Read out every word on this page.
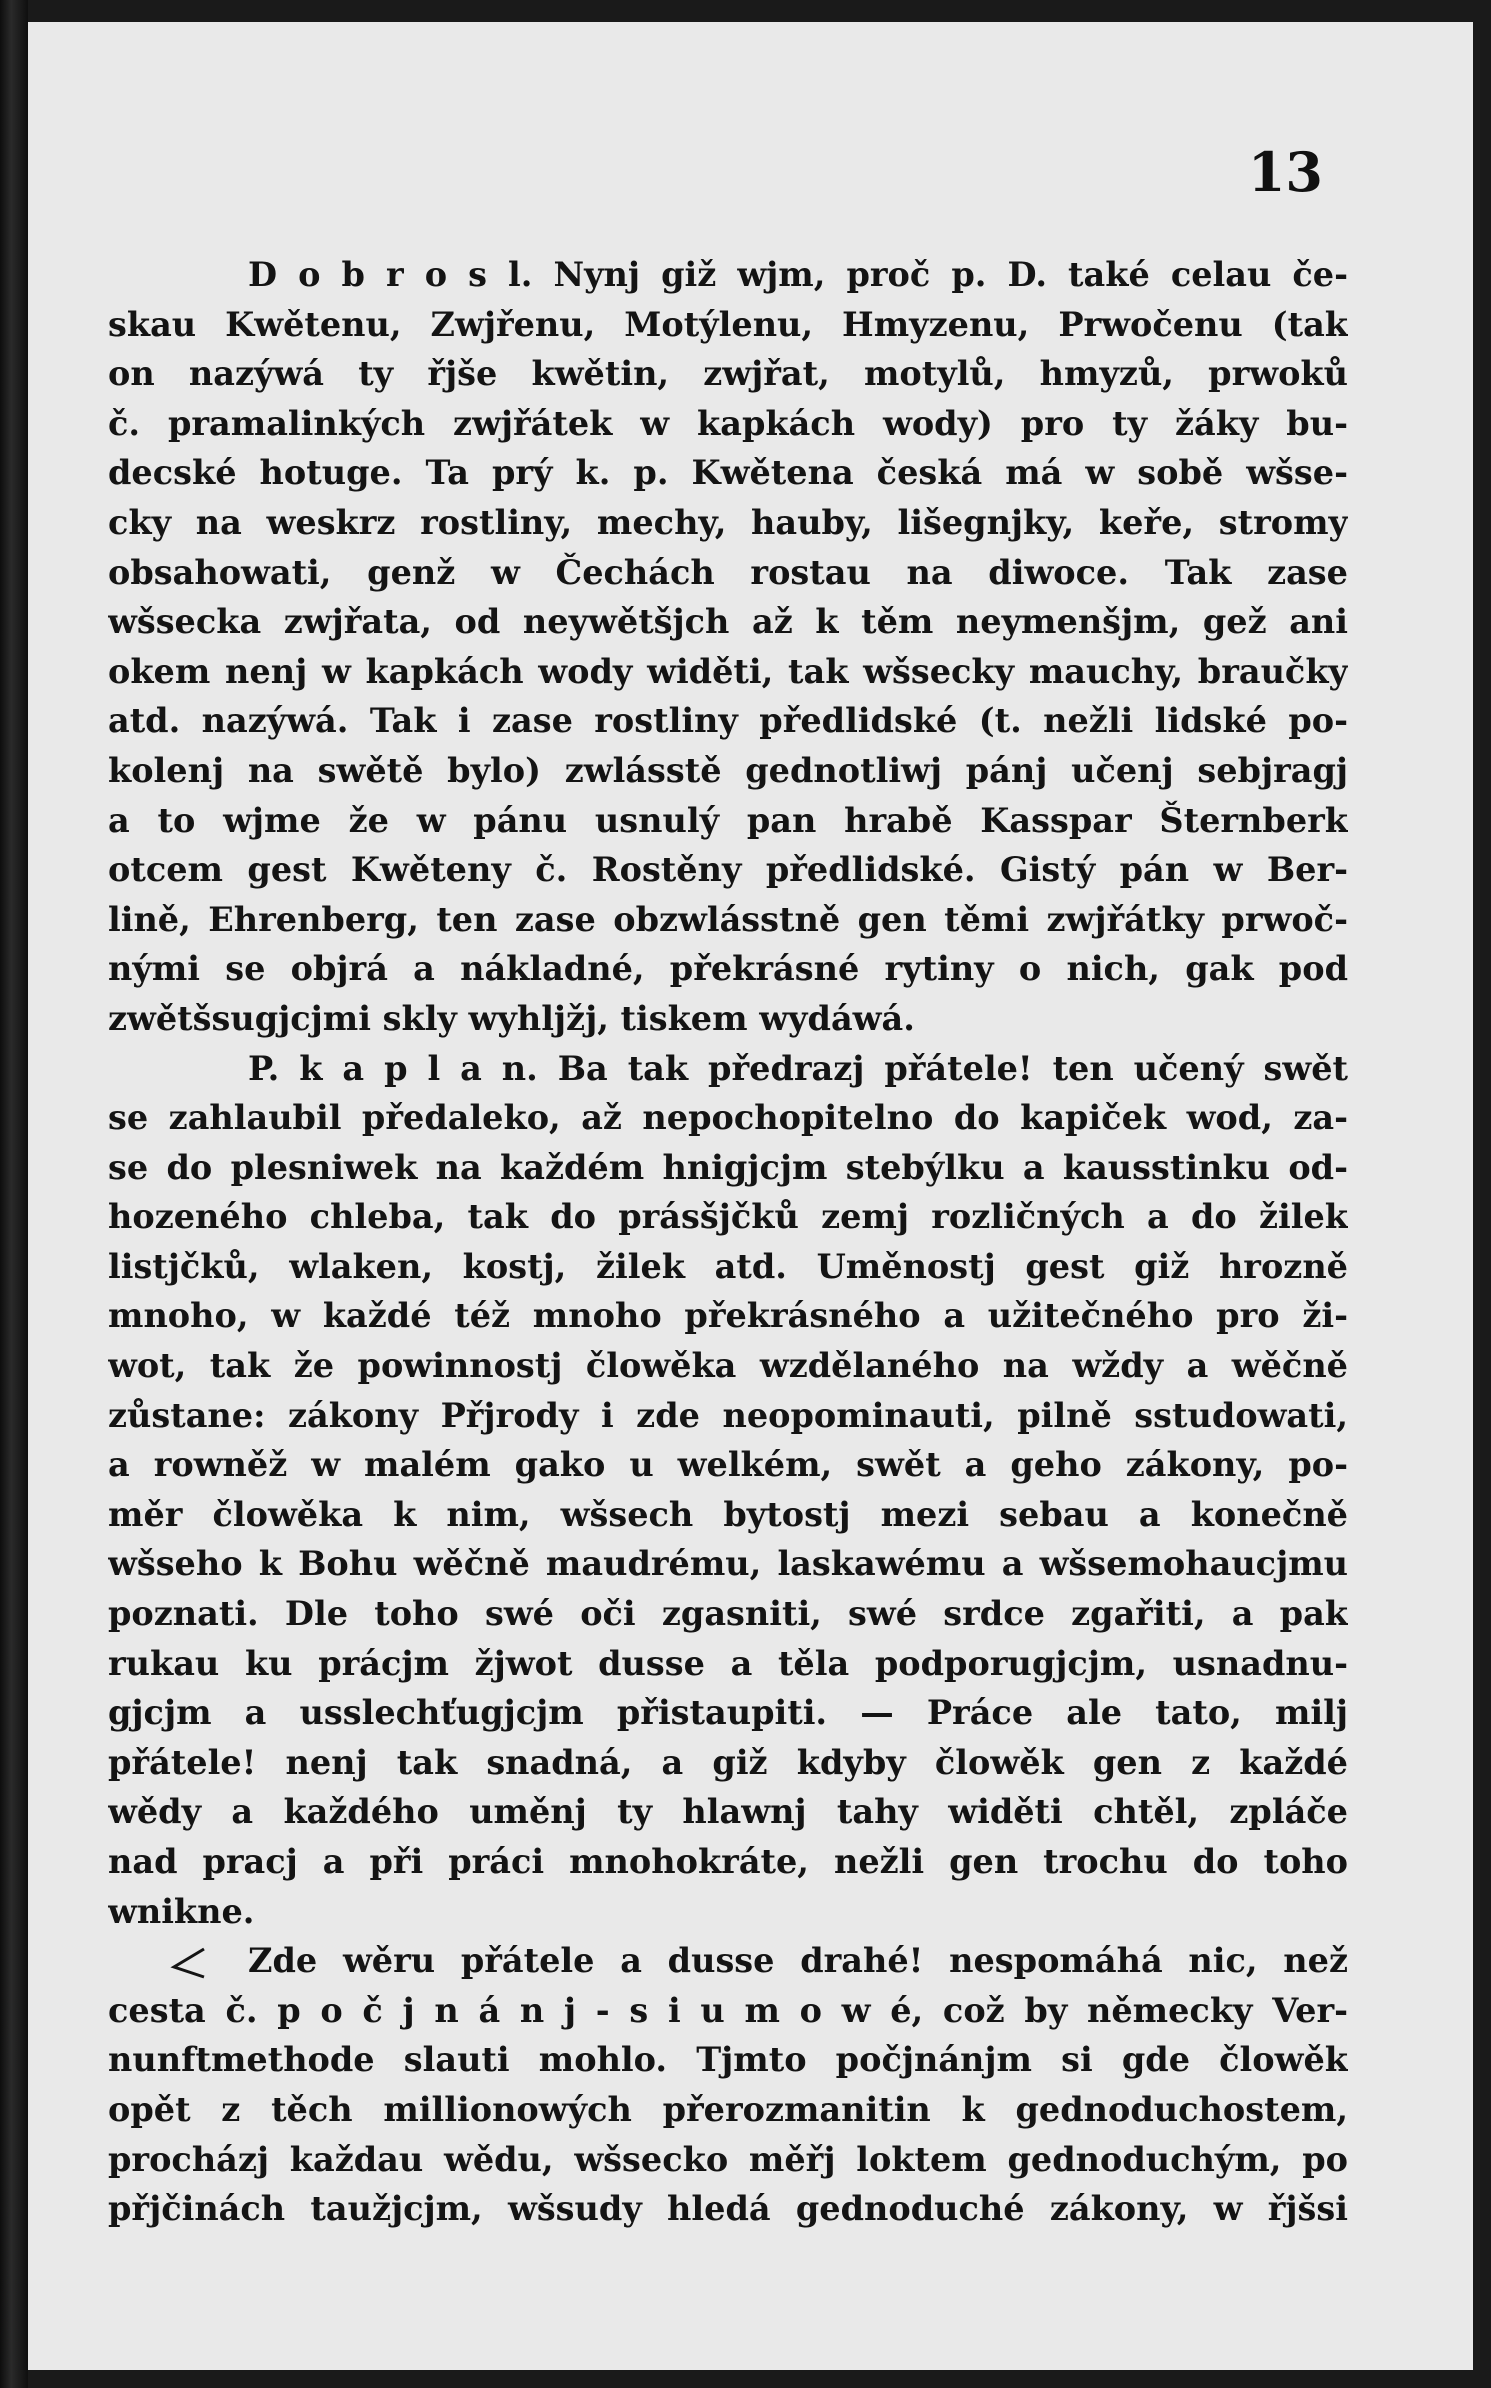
13
D o b r o s l. Nynj giž wjm, proč p. D. také celau če-
skau Kwětenu, Zwjřenu, Motýlenu, Hmyzenu, Prwočenu (tak
on nazýwá ty řjše kwětin, zwjřat, motylů, hmyzů, prwoků
č. pramalinkých zwjřátek w kapkách wody) pro ty žáky bu-
decské hotuge. Ta prý k. p. Kwětena česká má w sobě wšse-
cky na weskrz rostliny, mechy, hauby, lišegnjky, keře, stromy
obsahowati, genž w Čechách rostau na diwoce. Tak zase
wšsecka zwjřata, od neywětšjch až k těm neymenšjm, gež ani
okem nenj w kapkách wody widěti, tak wšsecky mauchy, braučky
atd. nazýwá. Tak i zase rostliny předlidské (t. nežli lidské po-
kolenj na swětě bylo) zwlásstě gednotliwj pánj učenj sebjragj
a to wjme že w pánu usnulý pan hrabě Kasspar Šternberk
otcem gest Kwěteny č. Rostěny předlidské. Gistý pán w Ber-
lině, Ehrenberg, ten zase obzwlásstně gen těmi zwjřátky prwoč-
nými se objrá a nákladné, překrásné rytiny o nich, gak pod
zwětšsugjcjmi skly wyhljžj, tiskem wydáwá.
P. k a p l a n. Ba tak předrazj přátele! ten učený swět
se zahlaubil předaleko, až nepochopitelno do kapiček wod, za-
se do plesniwek na každém hnigjcjm stebýlku a kausstinku od-
hozeného chleba, tak do prásšjčků zemj rozličných a do žilek
listjčků, wlaken, kostj, žilek atd. Uměnostj gest giž hrozně
mnoho, w každé též mnoho překrásného a užitečného pro ži-
wot, tak že powinnostj člowěka wzdělaného na wždy a wěčně
zůstane: zákony Přjrody i zde neopominauti, pilně sstudowati,
a rowněž w malém gako u welkém, swět a geho zákony, po-
měr člowěka k nim, wšsech bytostj mezi sebau a konečně
wšseho k Bohu wěčně maudrému, laskawému a wšsemohaucjmu
poznati. Dle toho swé oči zgasniti, swé srdce zgařiti, a pak
rukau ku prácjm žjwot dusse a těla podporugjcjm, usnadnu-
gjcjm a usslechťugjcjm přistaupiti. — Práce ale tato, milj
přátele! nenj tak snadná, a giž kdyby člowěk gen z každé
wědy a každého uměnj ty hlawnj tahy widěti chtěl, zpláče
nad pracj a při práci mnohokráte, nežli gen trochu do toho
wnikne.
Zde wěru přátele a dusse drahé! nespomáhá nic, než
cesta č. p o č j n á n j - s i u m o w é, což by německy Ver-
nunftmethode slauti mohlo. Tjmto počjnánjm si gde člowěk
opět z těch millionowých přerozmanitin k gednoduchostem,
procházj každau wědu, wšsecko měřj loktem gednoduchým, po
přjčinách taužjcjm, wšsudy hledá gednoduché zákony, w řjšsi
